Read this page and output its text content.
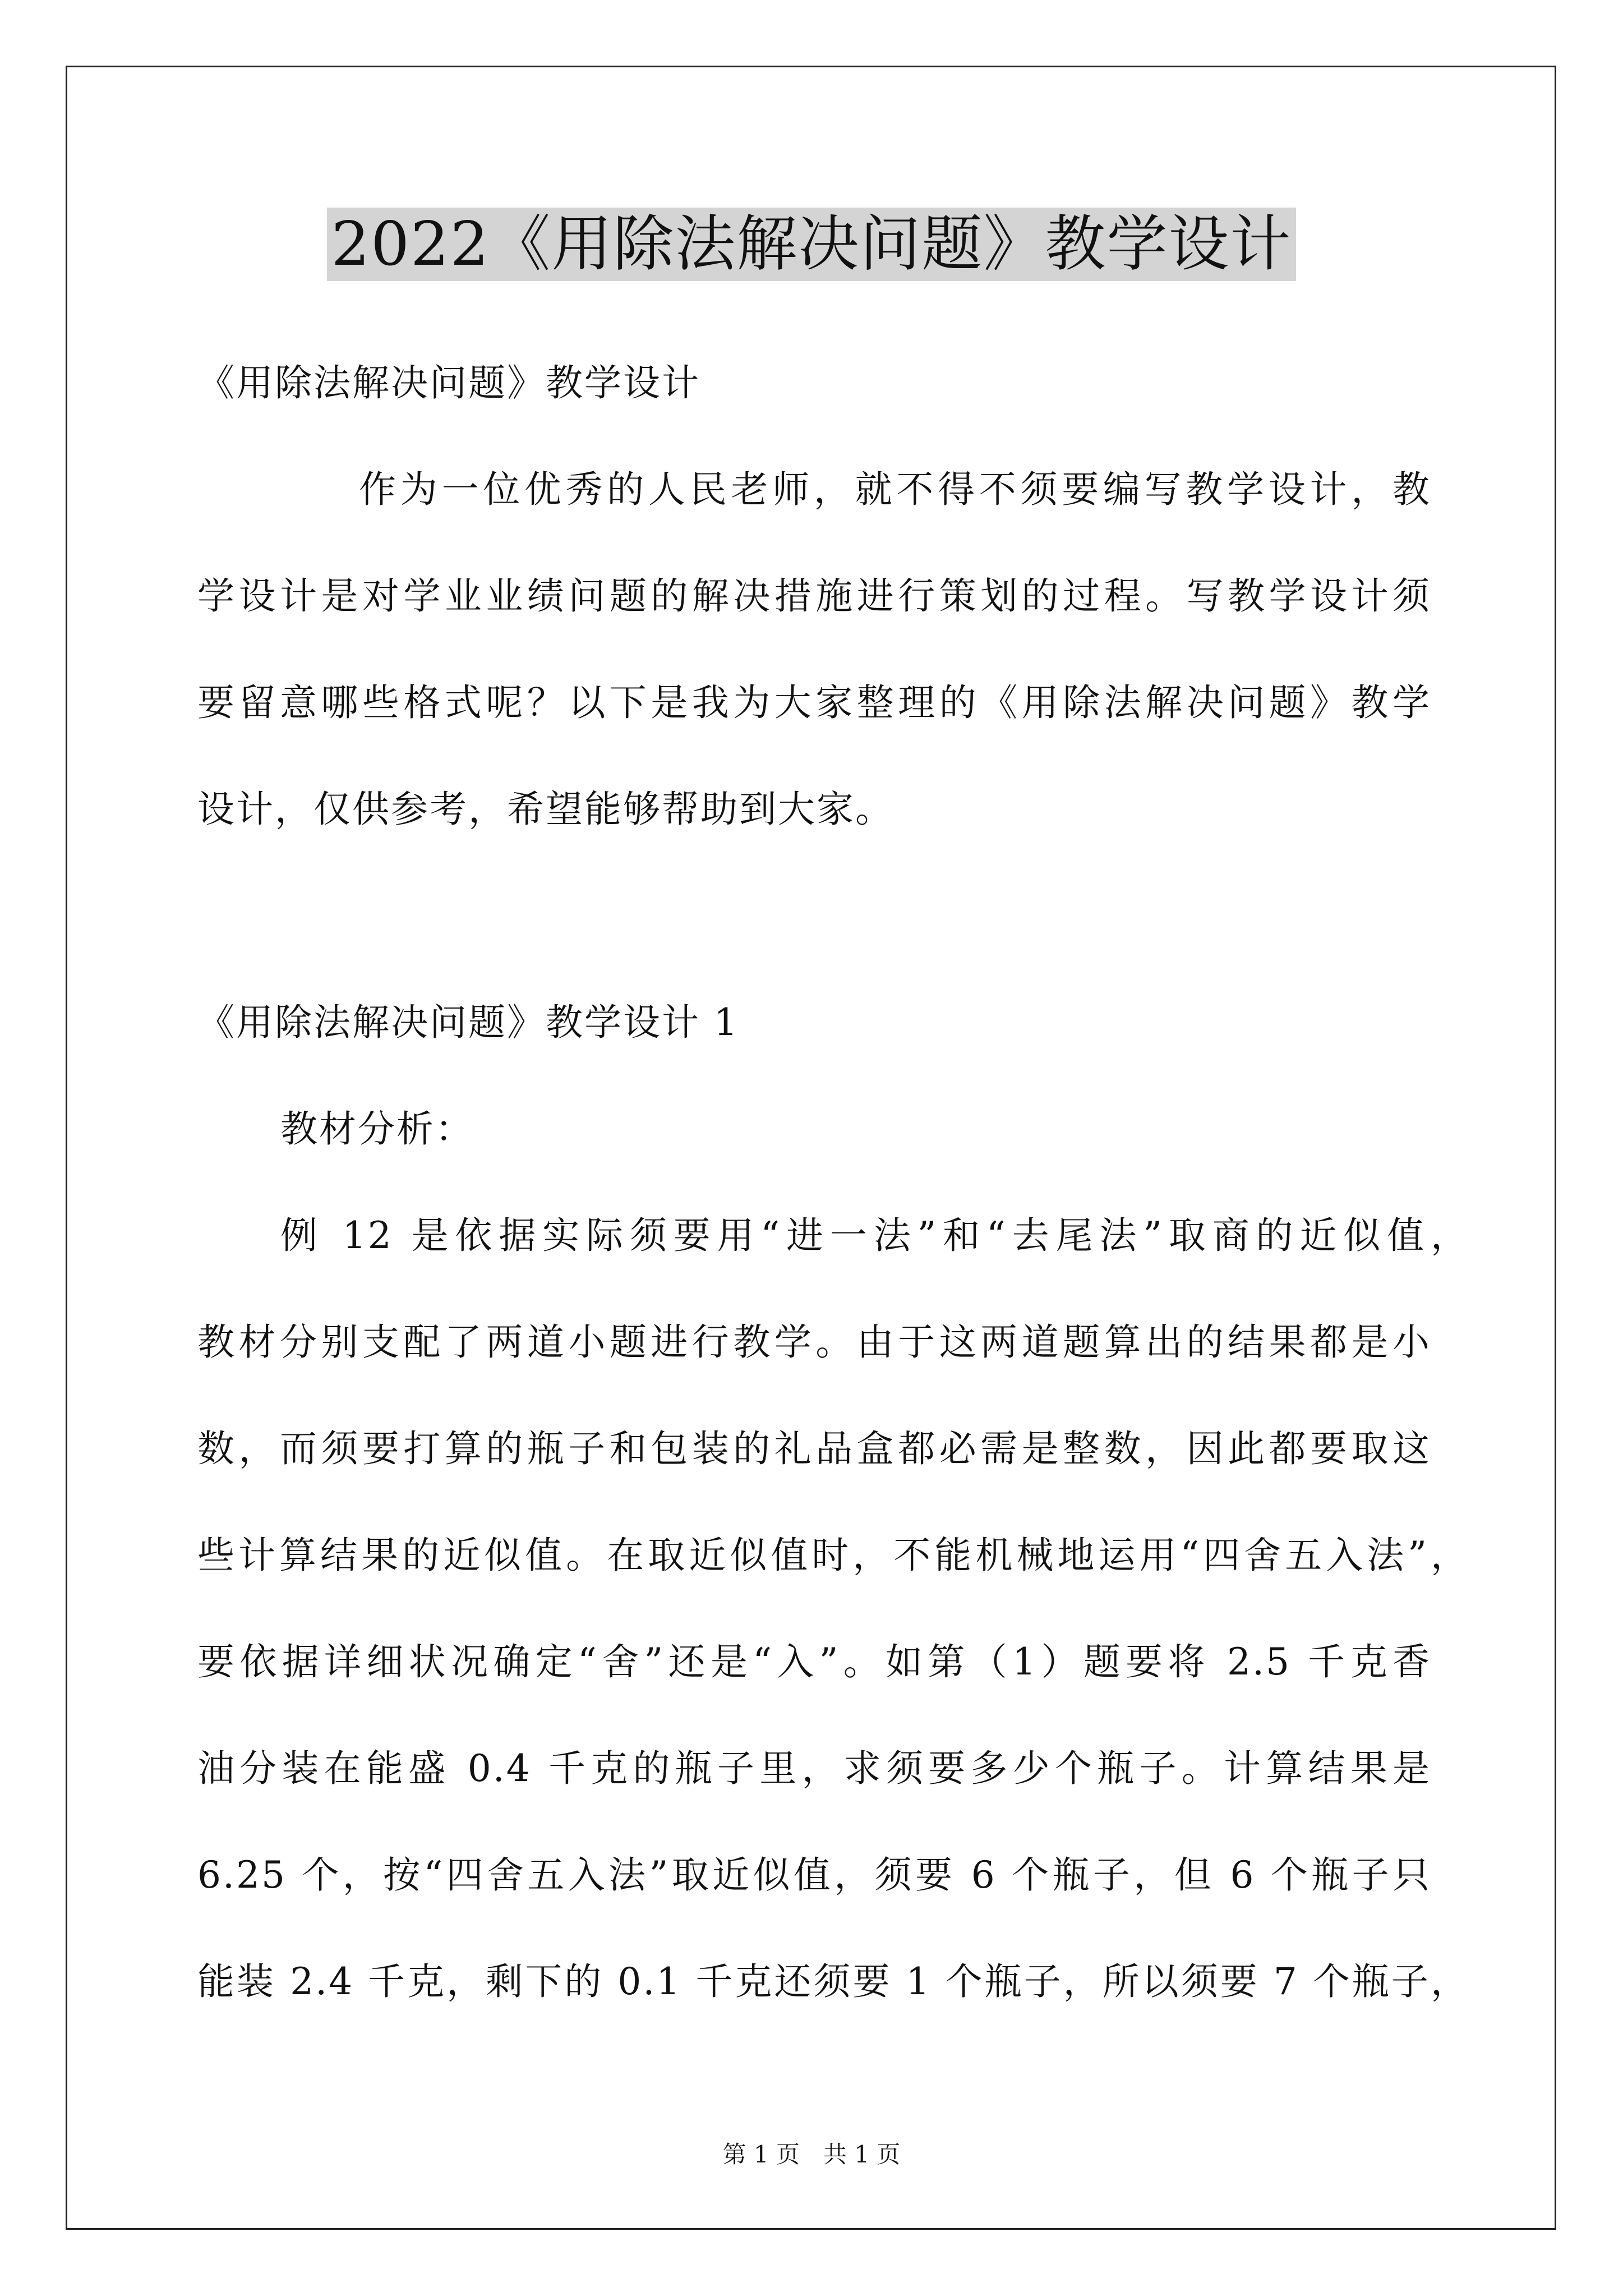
2022《用除法解决问题》教学设计
《用除法解决问题》教学设计
作为一位优秀的人民老师，就不得不须要编写教学设计，教
学设计是对学业业绩问题的解决措施进行策划的过程。写教学设计须
要留意哪些格式呢？以下是我为大家整理的《用除法解决问题》教学
设计，仅供参考，希望能够帮助到大家。
《用除法解决问题》教学设计 1
教材分析：
例 12 是依据实际须要用“进一法”和“去尾法”取商的近似值，
教材分别支配了两道小题进行教学。由于这两道题算出的结果都是小
数，而须要打算的瓶子和包装的礼品盒都必需是整数，因此都要取这
些计算结果的近似值。在取近似值时，不能机械地运用“四舍五入法”，
要依据详细状况确定“舍”还是“入”。如第（1）题要将 2.5 千克香
油分装在能盛 0.4 千克的瓶子里，求须要多少个瓶子。计算结果是
6.25 个，按“四舍五入法”取近似值，须要 6 个瓶子，但 6 个瓶子只
能装 2.4 千克，剩下的 0.1 千克还须要 1 个瓶子，所以须要 7 个瓶子，
第 1 页　共 1 页
